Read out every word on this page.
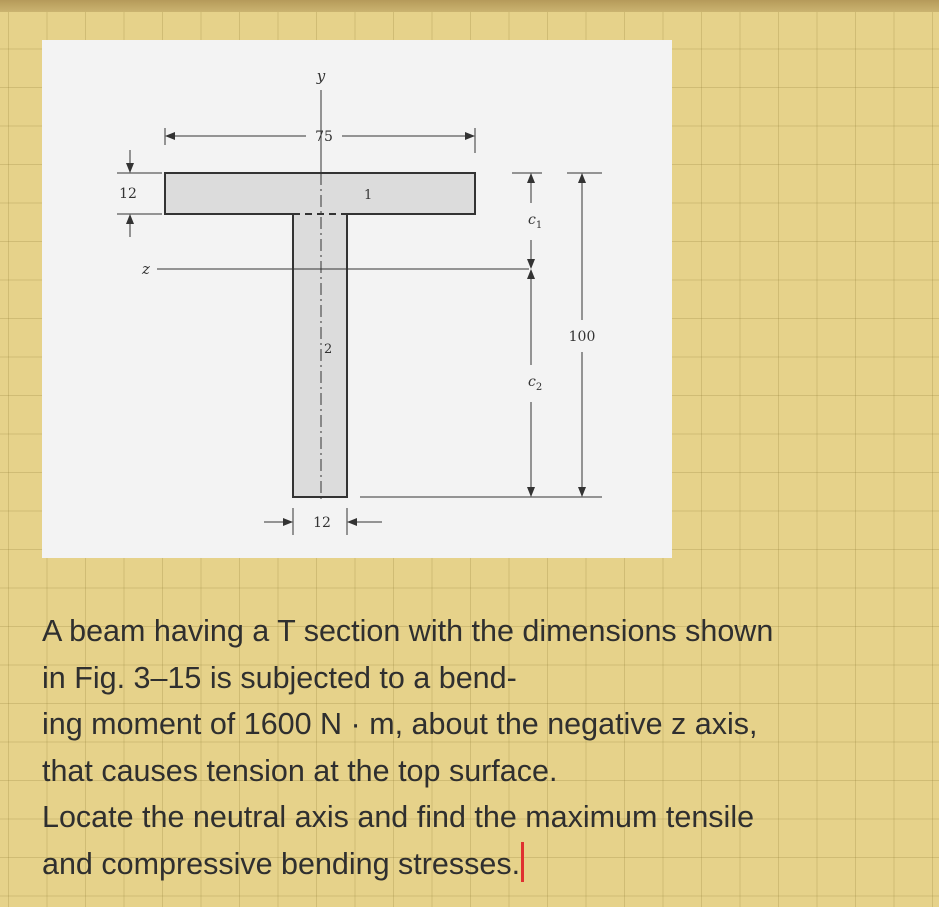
y
z
75
12
12
100
1
2
$c_1$
$c_2$
A beam having a T section with the dimensions shown
in Fig. 3–15 is subjected to a bend-
ing moment of 1600 N · m, about the negative z axis,
that causes tension at the top surface.
Locate the neutral axis and find the maximum tensile
and compressive bending stresses.
